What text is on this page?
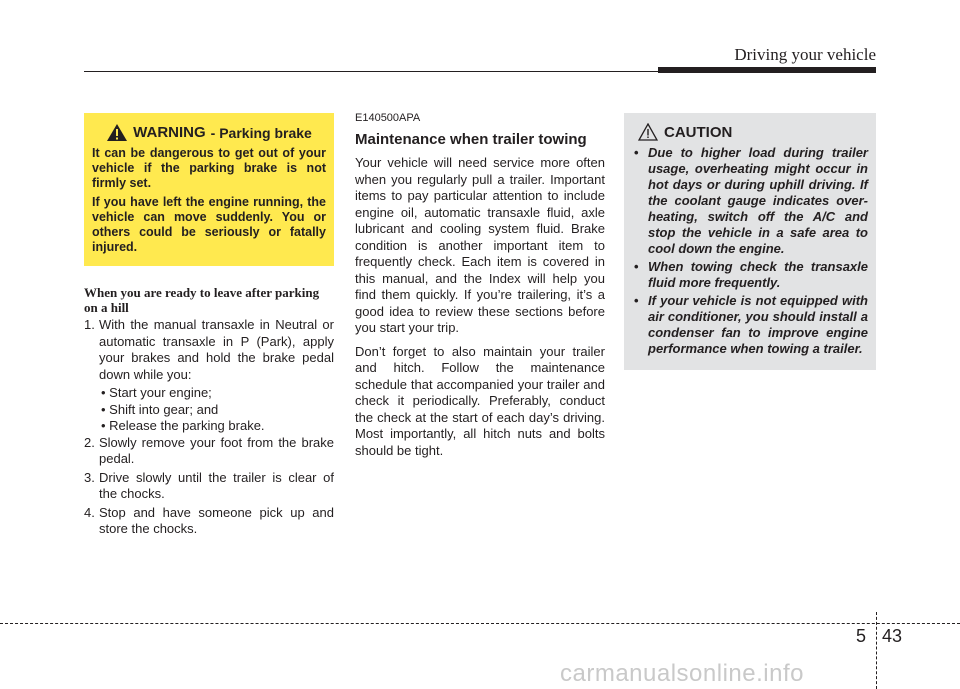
Driving your vehicle
WARNING - Parking brake

It can be dangerous to get out of your vehicle if the parking brake is not firmly set.

If you have left the engine running, the vehicle can move suddenly. You or others could be seriously or fatally injured.

When you are ready to leave after parking on a hill
1. With the manual transaxle in Neutral or automatic transaxle in P (Park), apply your brakes and hold the brake pedal down while you:
• Start your engine;
• Shift into gear; and
• Release the parking brake.
2. Slowly remove your foot from the brake pedal.
3. Drive slowly until the trailer is clear of the chocks.
4. Stop and have someone pick up and store the chocks.
E140500APA
Maintenance when trailer towing

Your vehicle will need service more often when you regularly pull a trailer. Important items to pay particular attention to include engine oil, automatic transaxle fluid, axle lubricant and cooling system fluid. Brake condition is another important item to frequently check. Each item is covered in this manual, and the Index will help you find them quickly. If you’re trailering, it’s a good idea to review these sections before you start your trip.

Don’t forget to also maintain your trailer and hitch. Follow the maintenance schedule that accompanied your trailer and check it periodically. Preferably, conduct the check at the start of each day’s driving. Most importantly, all hitch nuts and bolts should be tight.

CAUTION
• Due to higher load during trailer usage, overheating might occur in hot days or during uphill driving. If the coolant gauge indicates over-heating, switch off the A/C and stop the vehicle in a safe area to cool down the engine.
• When towing check the transaxle fluid more frequently.
• If your vehicle is not equipped with air conditioner, you should install a condenser fan to improve engine performance when towing a trailer.
5 43
carmanualsonline.info
